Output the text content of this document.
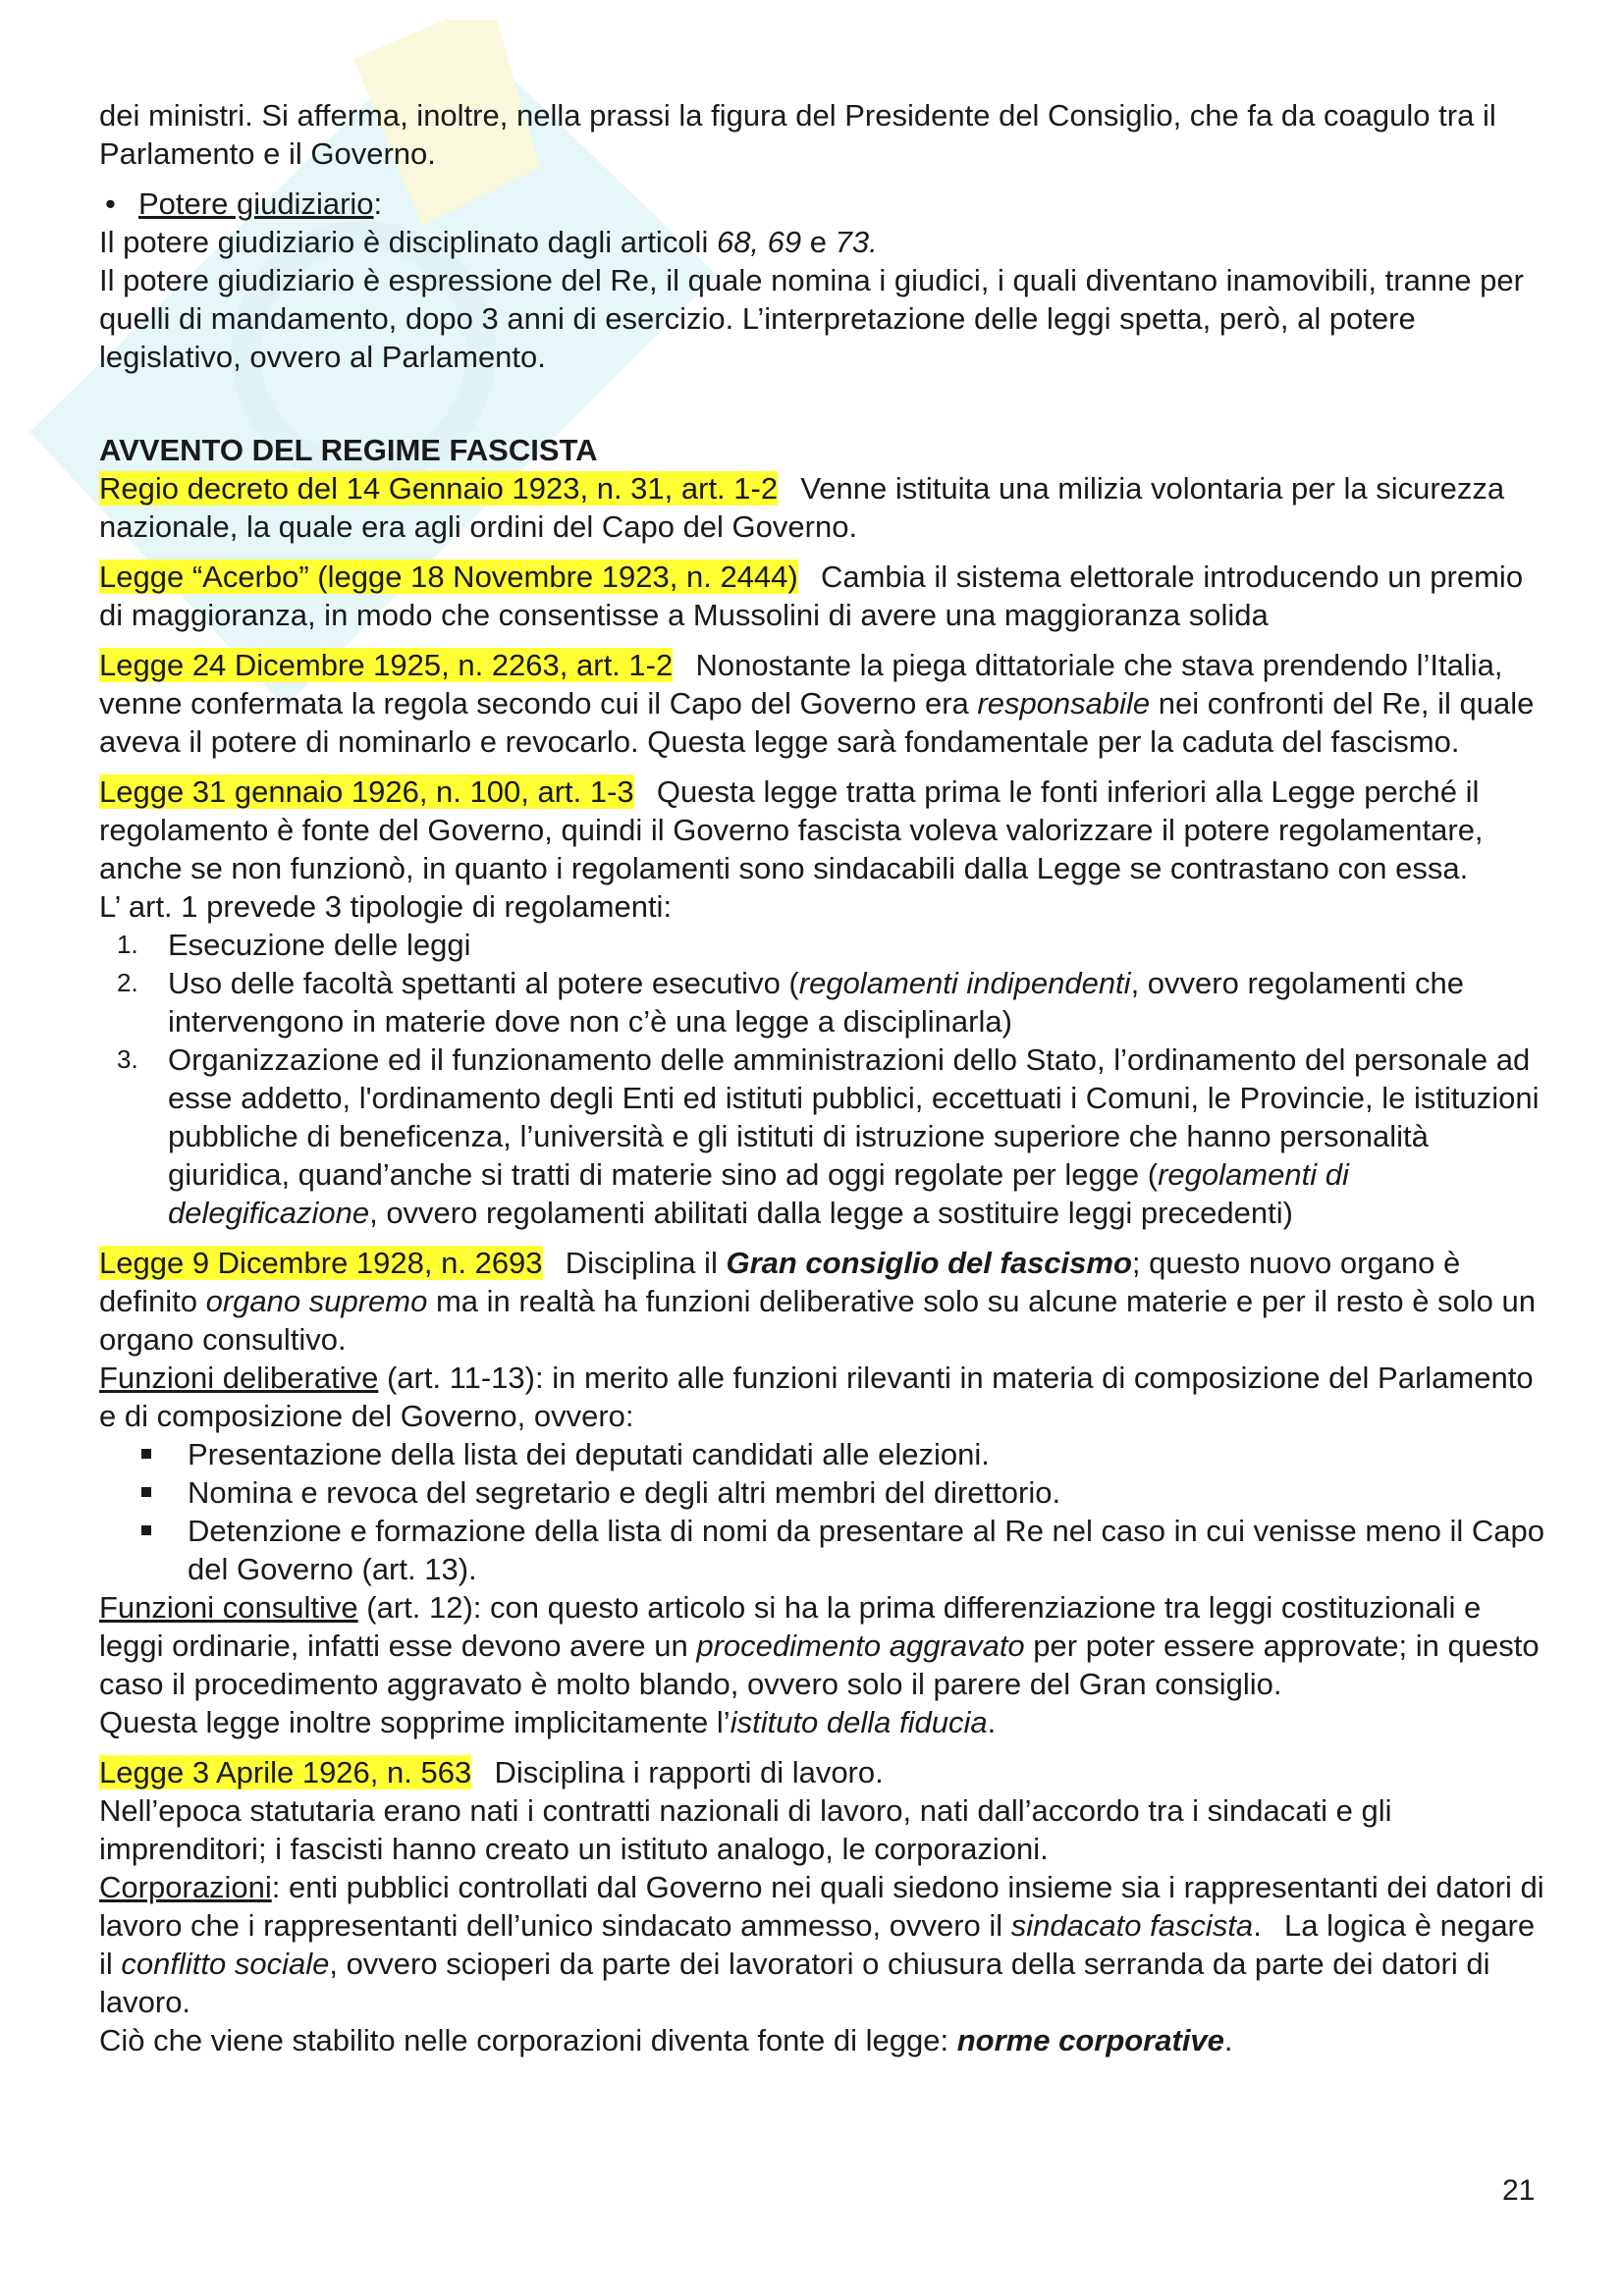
dei ministri. Si afferma, inoltre, nella prassi la figura del Presidente del Consiglio, che fa da coagulo tra il Parlamento e il Governo.

• Potere giudiziario:

Il potere giudiziario è disciplinato dagli articoli 68, 69 e 73.

Il potere giudiziario è espressione del Re, il quale nomina i giudici, i quali diventano inamovibili, tranne per quelli di mandamento, dopo 3 anni di esercizio. L’interpretazione delle leggi spetta, però, al potere legislativo, ovvero al Parlamento.

AVVENTO DEL REGIME FASCISTA

Regio decreto del 14 Gennaio 1923, n. 31, art. 1-2  Venne istituita una milizia volontaria per la sicurezza nazionale, la quale era agli ordini del Capo del Governo.

Legge “Acerbo” (legge 18 Novembre 1923, n. 2444)  Cambia il sistema elettorale introducendo un premio di maggioranza, in modo che consentisse a Mussolini di avere una maggioranza solida

Legge 24 Dicembre 1925, n. 2263, art. 1-2  Nonostante la piega dittatoriale che stava prendendo l’Italia, venne confermata la regola secondo cui il Capo del Governo era responsabile nei confronti del Re, il quale aveva il potere di nominarlo e revocarlo. Questa legge sarà fondamentale per la caduta del fascismo.

Legge 31 gennaio 1926, n. 100, art. 1-3  Questa legge tratta prima le fonti inferiori alla Legge perché il regolamento è fonte del Governo, quindi il Governo fascista voleva valorizzare il potere regolamentare, anche se non funzionò, in quanto i regolamenti sono sindacabili dalla Legge se contrastano con essa.

L’ art. 1 prevede 3 tipologie di regolamenti:

1. Esecuzione delle leggi
2. Uso delle facoltà spettanti al potere esecutivo (regolamenti indipendenti, ovvero regolamenti che intervengono in materie dove non c’è una legge a disciplinarla)
3. Organizzazione ed il funzionamento delle amministrazioni dello Stato, l’ordinamento del personale ad esse addetto, l'ordinamento degli Enti ed istituti pubblici, eccettuati i Comuni, le Provincie, le istituzioni pubbliche di beneficenza, l’università e gli istituti di istruzione superiore che hanno personalità giuridica, quand’anche si tratti di materie sino ad oggi regolate per legge (regolamenti di delegificazione, ovvero regolamenti abilitati dalla legge a sostituire leggi precedenti)

Legge 9 Dicembre 1928, n. 2693  Disciplina il Gran consiglio del fascismo; questo nuovo organo è definito organo supremo ma in realtà ha funzioni deliberative solo su alcune materie e per il resto è solo un organo consultivo.

Funzioni deliberative (art. 11-13): in merito alle funzioni rilevanti in materia di composizione del Parlamento e di composizione del Governo, ovvero:

Presentazione della lista dei deputati candidati alle elezioni.
Nomina e revoca del segretario e degli altri membri del direttorio.
Detenzione e formazione della lista di nomi da presentare al Re nel caso in cui venisse meno il Capo del Governo (art. 13).

Funzioni consultive (art. 12): con questo articolo si ha la prima differenziazione tra leggi costituzionali e leggi ordinarie, infatti esse devono avere un procedimento aggravato per poter essere approvate; in questo caso il procedimento aggravato è molto blando, ovvero solo il parere del Gran consiglio.

Questa legge inoltre sopprime implicitamente l’istituto della fiducia.

Legge 3 Aprile 1926, n. 563  Disciplina i rapporti di lavoro.

Nell’epoca statutaria erano nati i contratti nazionali di lavoro, nati dall’accordo tra i sindacati e gli imprenditori; i fascisti hanno creato un istituto analogo, le corporazioni.

Corporazioni: enti pubblici controllati dal Governo nei quali siedono insieme sia i rappresentanti dei datori di lavoro che i rappresentanti dell’unico sindacato ammesso, ovvero il sindacato fascista.  La logica è negare il conflitto sociale, ovvero scioperi da parte dei lavoratori o chiusura della serranda da parte dei datori di lavoro.

Ciò che viene stabilito nelle corporazioni diventa fonte di legge: norme corporative.

21
